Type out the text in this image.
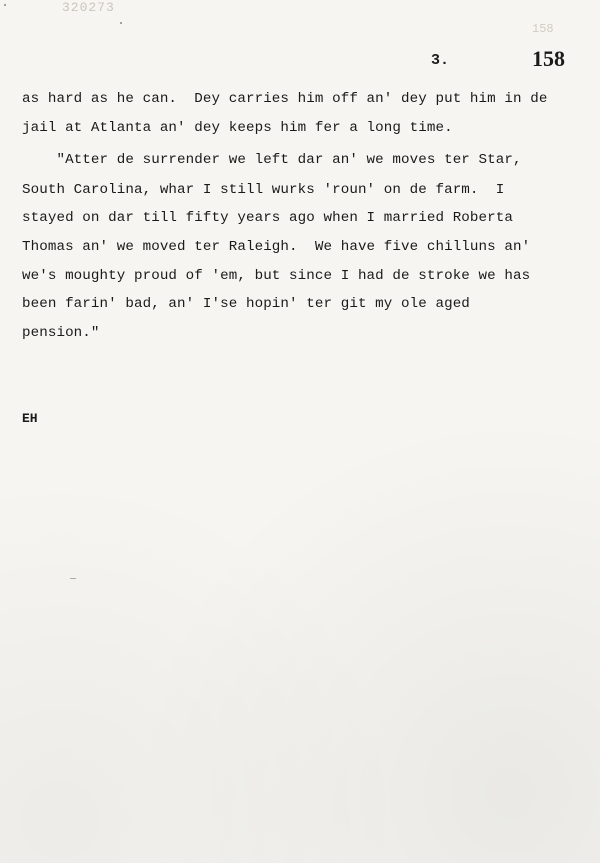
320273
158
3.	158
as hard as he can.  Dey carries him off an' dey put him in de
jail at Atlanta an' dey keeps him fer a long time.
"Atter de surrender we left dar an' we moves ter Star,
South Carolina, whar I still wurks 'roun' on de farm.  I
stayed on dar till fifty years ago when I married Roberta
Thomas an' we moved ter Raleigh.  We have five chilluns an'
we's moughty proud of 'em, but since I had de stroke we has
been farin' bad, an' I'se hopin' ter git my ole aged
pension."
EH
